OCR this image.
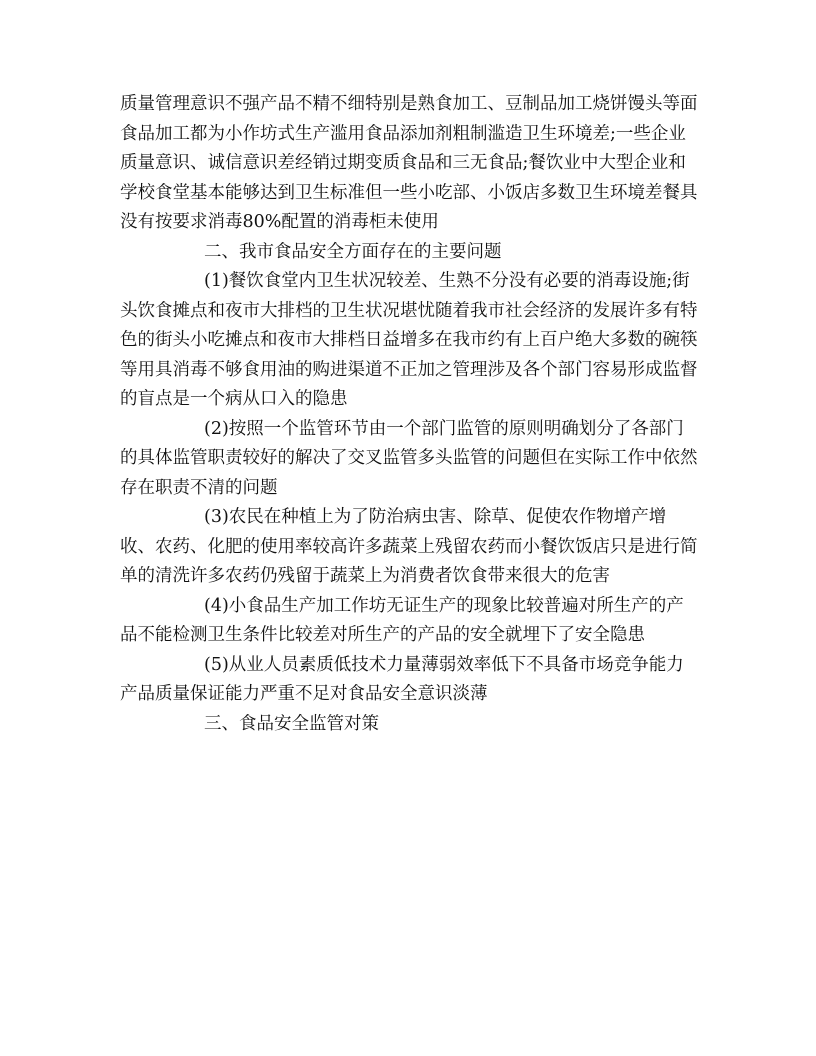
质量管理意识不强产品不精不细特别是熟食加工、豆制品加工烧饼馒头等面食品加工都为小作坊式生产滥用食品添加剂粗制滥造卫生环境差;一些企业质量意识、诚信意识差经销过期变质食品和三无食品;餐饮业中大型企业和学校食堂基本能够达到卫生标准但一些小吃部、小饭店多数卫生环境差餐具没有按要求消毒80%配置的消毒柜未使用

二、我市食品安全方面存在的主要问题

(1)餐饮食堂内卫生状况较差、生熟不分没有必要的消毒设施;街头饮食摊点和夜市大排档的卫生状况堪忧随着我市社会经济的发展许多有特色的街头小吃摊点和夜市大排档日益增多在我市约有上百户绝大多数的碗筷等用具消毒不够食用油的购进渠道不正加之管理涉及各个部门容易形成监督的盲点是一个病从口入的隐患

(2)按照一个监管环节由一个部门监管的原则明确划分了各部门的具体监管职责较好的解决了交叉监管多头监管的问题但在实际工作中依然存在职责不清的问题

(3)农民在种植上为了防治病虫害、除草、促使农作物增产增收、农药、化肥的使用率较高许多蔬菜上残留农药而小餐饮饭店只是进行简单的清洗许多农药仍残留于蔬菜上为消费者饮食带来很大的危害

(4)小食品生产加工作坊无证生产的现象比较普遍对所生产的产品不能检测卫生条件比较差对所生产的产品的安全就埋下了安全隐患

(5)从业人员素质低技术力量薄弱效率低下不具备市场竞争能力产品质量保证能力严重不足对食品安全意识淡薄

三、食品安全监管对策
